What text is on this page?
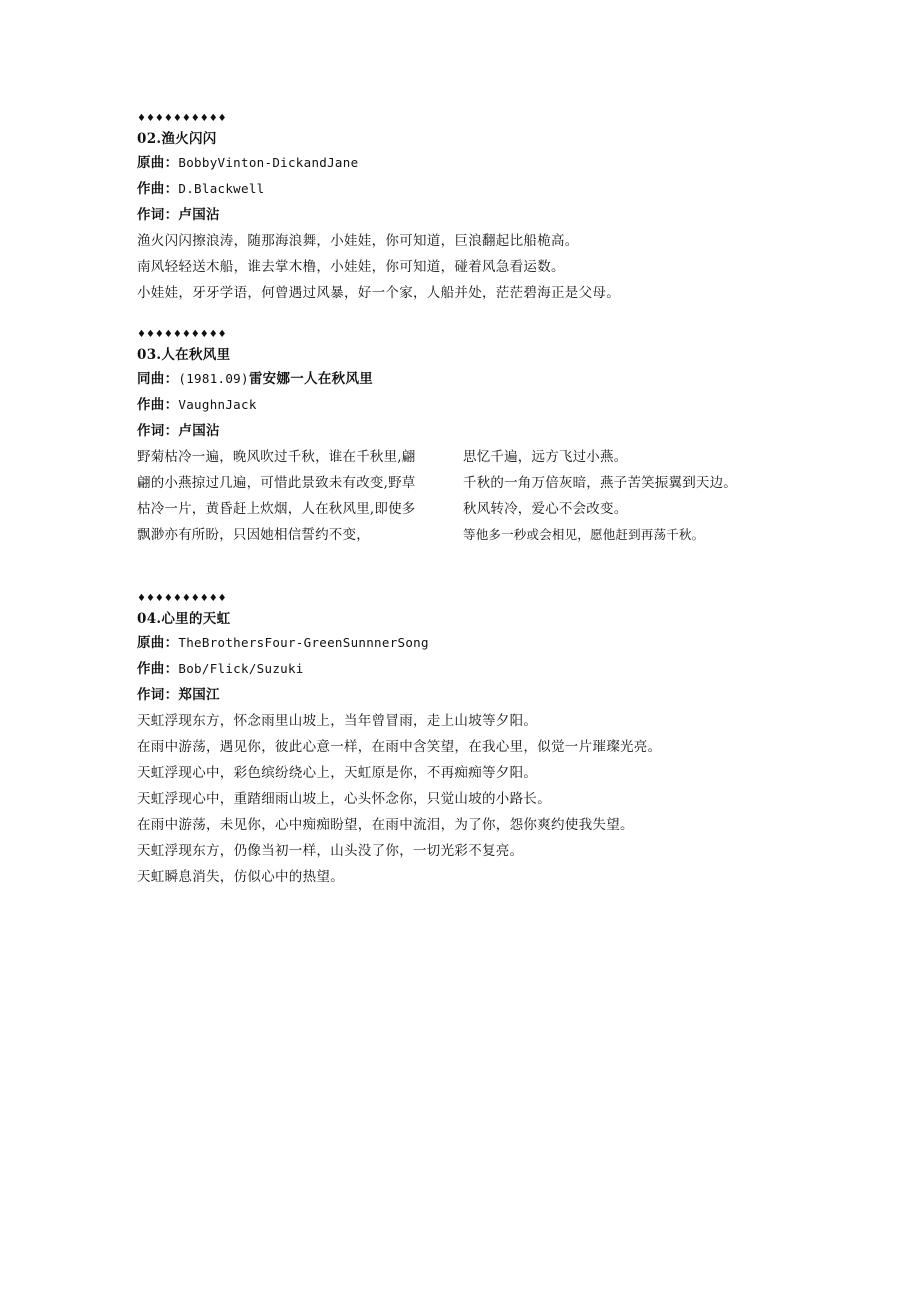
♦♦♦♦♦♦♦♦♦♦
02.渔火闪闪
原曲：BobbyVinton-DickandJane
作曲：D.Blackwell
作词：卢国沾
渔火闪闪擦浪涛，随那海浪舞，小娃娃，你可知道，巨浪翻起比船桅高。
南风轻轻送木船，谁去掌木橹，小娃娃，你可知道，碰着风急看运数。
小娃娃，牙牙学语，何曾遇过风暴，好一个家，人船并处，茫茫碧海正是父母。
♦♦♦♦♦♦♦♦♦♦
03.人在秋风里
同曲：(1981.09)雷安娜一人在秋风里
作曲：VaughnJack
作词：卢国沾
野菊枯冷一遍，晚风吹过千秋，谁在千秋里,翩
翩的小燕掠过几遍，可惜此景致未有改变,野草
枯冷一片，黄昏赶上炊烟，人在秋风里,即使多
飘渺亦有所盼，只因她相信誓约不变，
思忆千遍，远方飞过小燕。
千秋的一角万倍灰暗，燕子苦笑振翼到天边。
秋风转冷，爱心不会改变。
等他多一秒或会相见，愿他赶到再荡千秋。
♦♦♦♦♦♦♦♦♦♦
04.心里的天虹
原曲：TheBrothersFour-GreenSunnnerSong
作曲：Bob/Flick/Suzuki
作词：郑国江
天虹浮现东方，怀念雨里山坡上，当年曾冒雨，走上山坡等夕阳。
在雨中游荡，遇见你，彼此心意一样，在雨中含笑望，在我心里，似觉一片璀璨光亮。
天虹浮现心中，彩色缤纷绕心上，天虹原是你，不再痴痴等夕阳。
天虹浮现心中，重踏细雨山坡上，心头怀念你，只觉山坡的小路长。
在雨中游荡，未见你，心中痴痴盼望，在雨中流泪，为了你，怨你爽约使我失望。
天虹浮现东方，仍像当初一样，山头没了你，一切光彩不复亮。
天虹瞬息消失，仿似心中的热望。
